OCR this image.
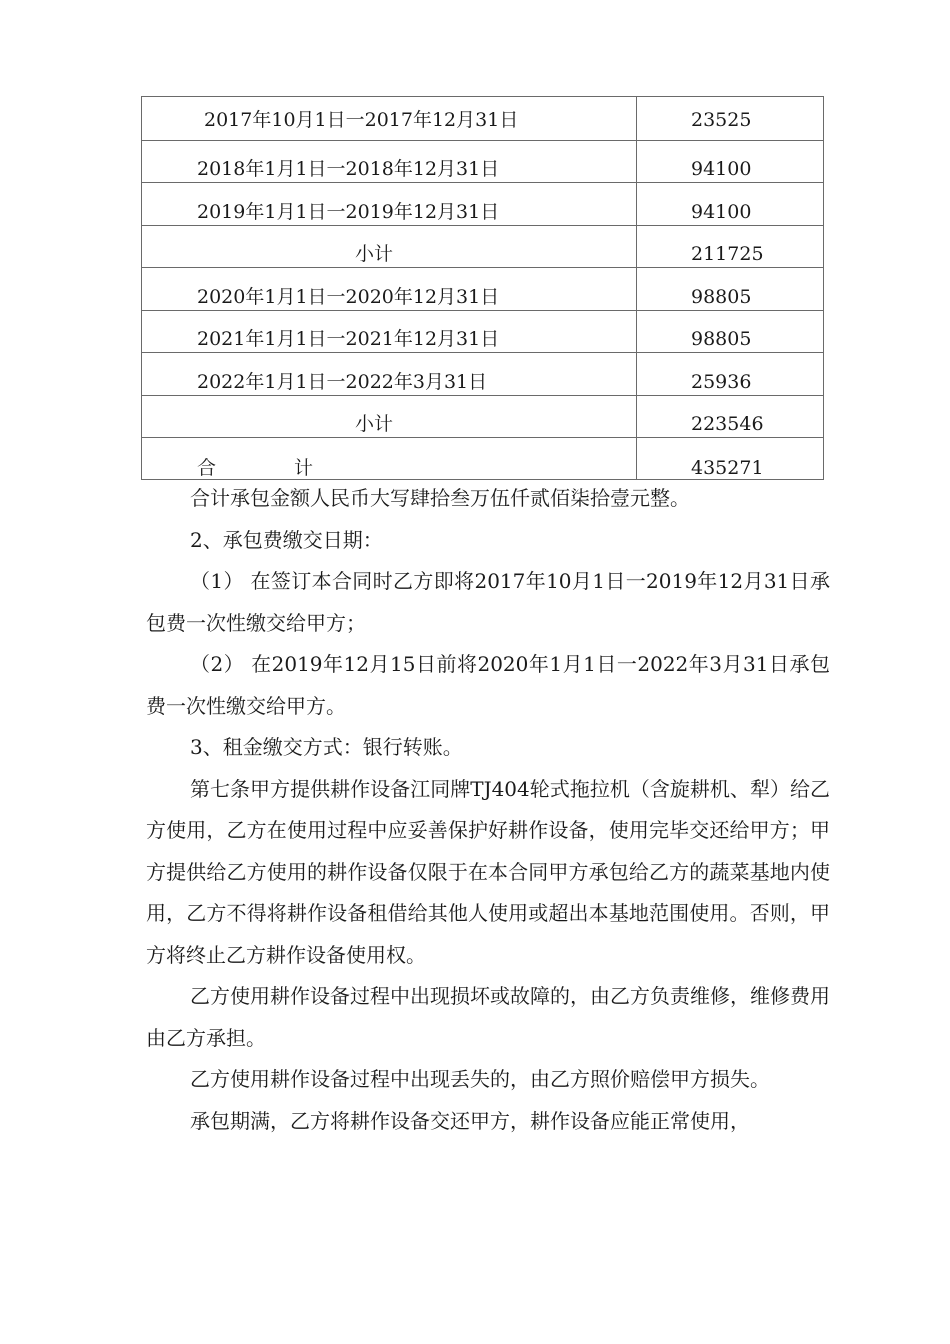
2017年10月1日一2017年12月31日	23525
2018年1月1日一2018年12月31日	94100
2019年1月1日一2019年12月31日	94100
小计	211725
2020年1月1日一2020年12月31日	98805
2021年1月1日一2021年12月31日	98805
2022年1月1日一2022年3月31日	25936
小计	223546
合 计	435271

合计承包金额人民币大写肆拾叁万伍仟贰佰柒拾壹元整。

2、承包费缴交日期：

（1） 在签订本合同时乙方即将2017年10月1日一2019年12月31日承包费一次性缴交给甲方；

（2） 在2019年12月15日前将2020年1月1日一2022年3月31日承包费一次性缴交给甲方。

3、租金缴交方式：银行转账。

第七条甲方提供耕作设备江同牌TJ404轮式拖拉机（含旋耕机、犁）给乙方使用，乙方在使用过程中应妥善保护好耕作设备，使用完毕交还给甲方；甲方提供给乙方使用的耕作设备仅限于在本合同甲方承包给乙方的蔬菜基地内使用，乙方不得将耕作设备租借给其他人使用或超出本基地范围使用。否则，甲方将终止乙方耕作设备使用权。

乙方使用耕作设备过程中出现损坏或故障的，由乙方负责维修，维修费用由乙方承担。

乙方使用耕作设备过程中出现丢失的，由乙方照价赔偿甲方损失。

承包期满，乙方将耕作设备交还甲方，耕作设备应能正常使用，
